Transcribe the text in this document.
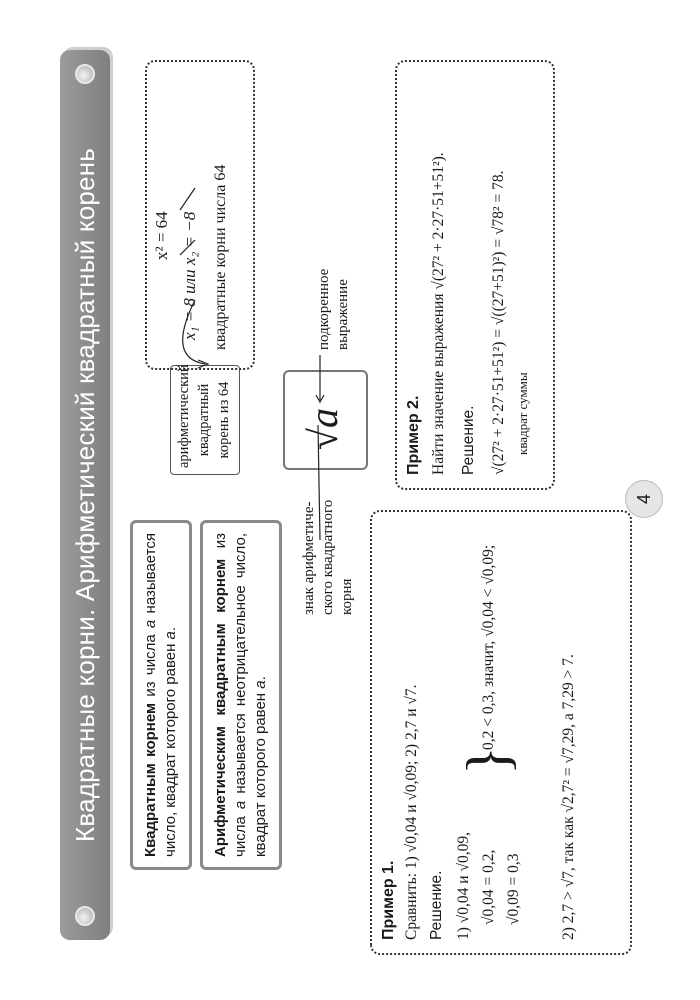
Квадратные корни. Арифметический квадратный корень	Квадратным корнем из числа a называется число, квадрат которого равен a.	Арифметическим квадратным корнем из числа a называется неотрицательное число, квадрат которого равен a.
x² = 64 x₁ = 8 или x₂ = −8 квадратные корни числа 64
арифметический квадратный корень из 64 √a
подкоренное выражение
знак арифметиче-ского квадратного корня
Пример 1. Сравнить: 1) √0,04 и √0,09; 2) 2,7 и √7. Решение. 1) √0,04 и √0,09, √0,04 = 0,2, √0,09 = 0,3
}
0,2 < 0,3, значит, √0,04 < √0,09;
2) 2,7 > √7, так как √2,7² = √7,29, а 7,29 > 7.
Пример 2. Найти значение выражения √(27² + 2·27·51+51²). Решение. √(27² + 2·27·51+51²) = √((27+51)²) = √78² = 78. квадрат суммы
4
